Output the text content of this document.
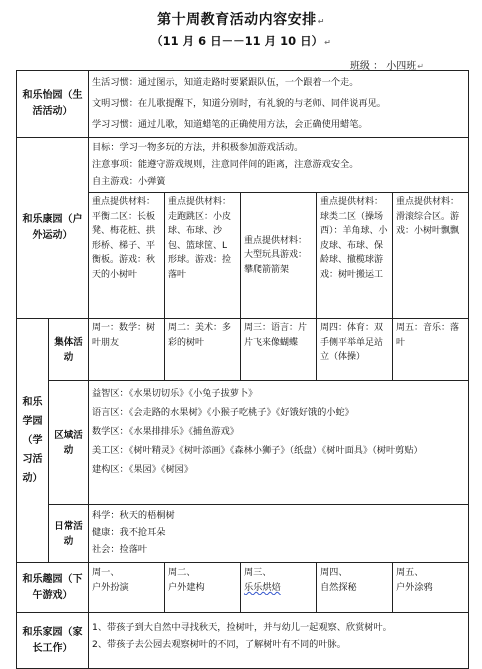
第十周教育活动内容安排↵
（11 月 6 日－－11 月 10 日）↵
班级 ： 小四班↵
和乐怡园（生活活动）		生活习惯：通过图示，知道走路时要紧跟队伍，一个跟着一个走。
文明习惯：在儿歌提醒下，知道分别时，有礼貌的与老师、同伴说再见。
学习习惯：通过儿歌，知道蜡笔的正确使用方法，会正确使用蜡笔。				

和乐康园（户外运动）		目标：学习一物多玩的方法，并积极参加游戏活动。
注意事项：能遵守游戏规则，注意同伴间的距离，注意游戏安全。
自主游戏：小弹簧				

		重点提供材料：平衡二区：长板凳、梅花桩、拱形桥、梯子、平衡板。游戏：秋天的小树叶	重点提供材料：走跑跳区：小皮球、布球、沙包、篮球筐、L 形球。游戏：捡落叶	重点提供材料：大型玩具游戏：攀爬箭箭架	重点提供材料：球类二区（操场西）：羊角球、小皮球、布球、保龄球、撤榄球游戏：树叶搬运工	重点提供材料：滑滚综合区。游戏：小树叶飘飘
和乐学园（学习活动）	集体活动	周一：数学：树叶朋友	周二：美术：多彩的树叶	周三：语言：片片飞来像蝴蝶	周四：体育：双手侧平举单足站立（体操）	周五：音乐：落叶
	区域活动	益智区：《水果切切乐》《小兔子拔萝卜》
语言区：《会走路的水果树》《小猴子吃桃子》《好饿好饿的小蛇》
数学区：《水果排排乐》《捕鱼游戏》
美工区：《树叶精灵》《树叶添画》《森林小狮子》（纸盘）《树叶面具》（树叶剪贴）
建构区：《果园》《树园》				

	日常活动	科学：秋天的梧桐树
健康：我不抢耳朵
社会：捡落叶				

和乐趣园（下午游戏）		周一、
户外扮演	周二、
户外建构	周三、
乐乐烘焙	周四、
自然探秘	周五、
户外涂鸦

和乐家园（家长工作）		1、带孩子到大自然中寻找秋天，捡树叶，并与幼儿一起观察、欣赏树叶。
2、带孩子去公园去观察树叶的不同，了解树叶有不同的叶脉。				
